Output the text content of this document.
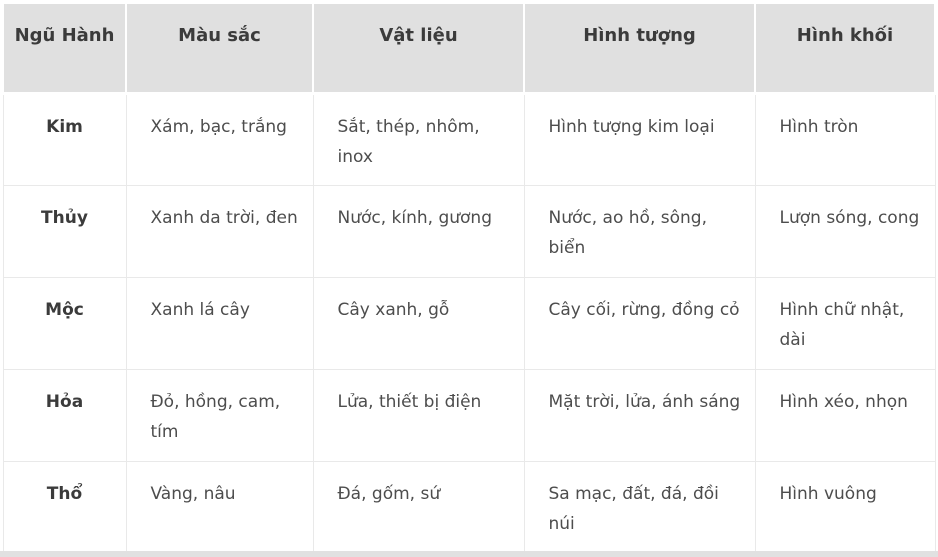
Ngũ Hành	Màu sắc	Vật liệu	Hình tượng	Hình khối
Kim	Xám, bạc, trắng	Sắt, thép, nhôm, inox	Hình tượng kim loại	Hình tròn
Thủy	Xanh da trời, đen	Nước, kính, gương	Nước, ao hồ, sông, biển	Lượn sóng, cong
Mộc	Xanh lá cây	Cây xanh, gỗ	Cây cối, rừng, đồng cỏ	Hình chữ nhật, dài
Hỏa	Đỏ, hồng, cam, tím	Lửa, thiết bị điện	Mặt trời, lửa, ánh sáng	Hình xéo, nhọn
Thổ	Vàng, nâu	Đá, gốm, sứ	Sa mạc, đất, đá, đồi núi	Hình vuông
